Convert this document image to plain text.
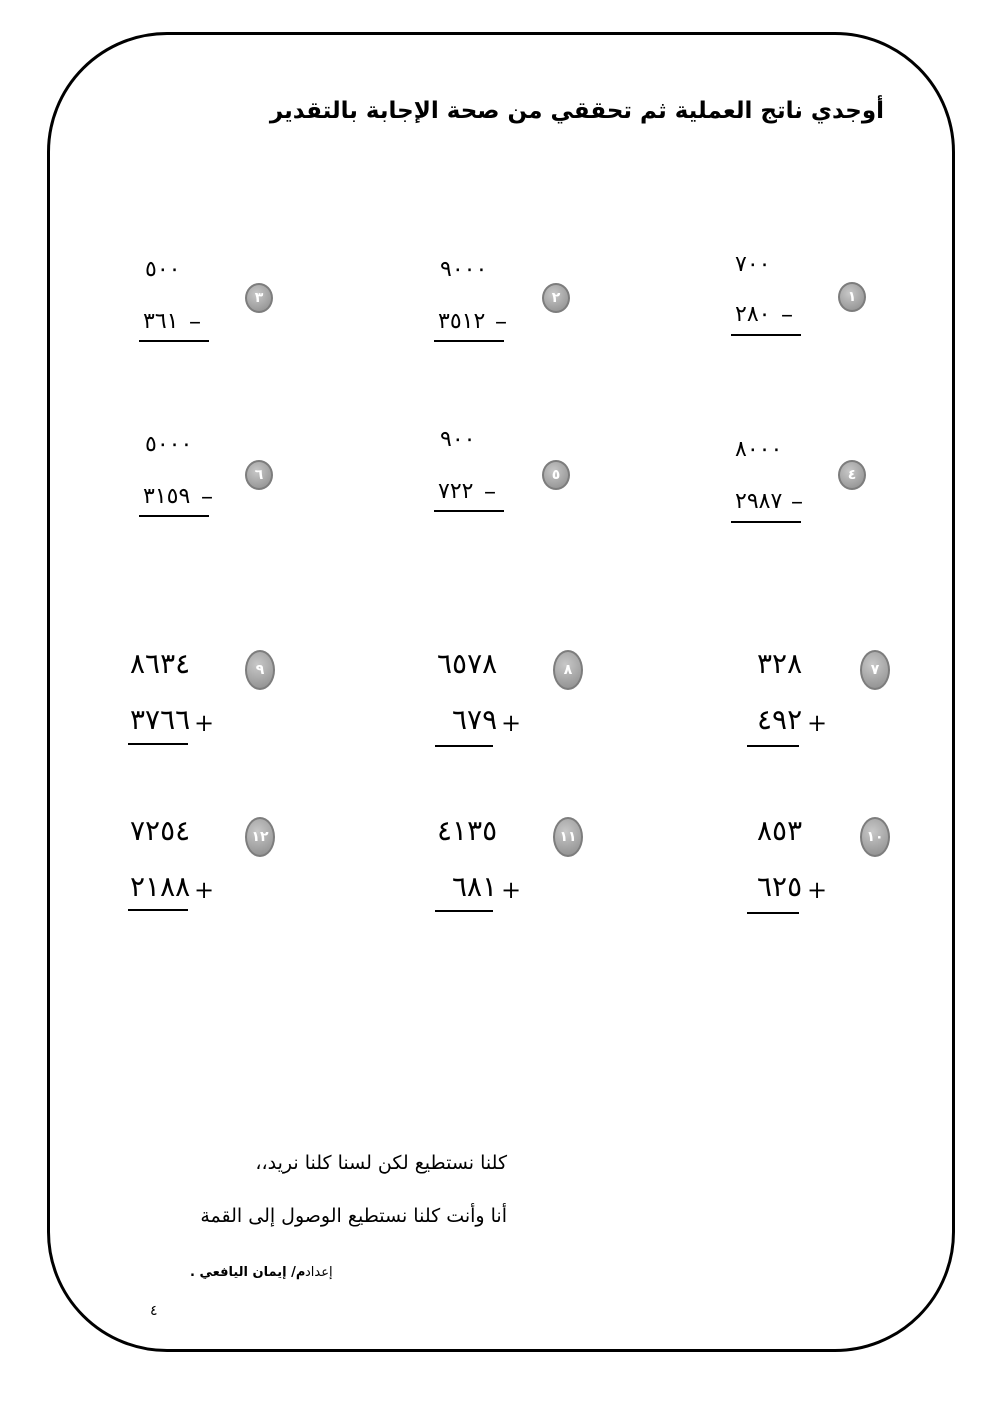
أوجدي ناتج العملية ثم تحققي من صحة الإجابة بالتقدير
١
٧٠٠
٢٨٠ –
٢
٩٠٠٠
٣٥١٢ –
٣
٥٠٠
٣٦١ –
٤
٨٠٠٠
٢٩٨٧ –
٥
٩٠٠
٧٢٢ –
٦
٥٠٠٠
٣١٥٩ –
٧
٣٢٨
٤٩٢ +
٨
٦٥٧٨
٦٧٩ +
٩
٨٦٣٤
٣٧٦٦ +
١٠
٨٥٣
٦٢٥ +
١١
٤١٣٥
٦٨١ +
١٢
٧٢٥٤
٢١٨٨ +
كلنا نستطيع لكن لسنا كلنا نريد،،
أنا وأنت كلنا نستطيع الوصول إلى القمة
إعداد
م/ إيمان اليافعي .
٤
